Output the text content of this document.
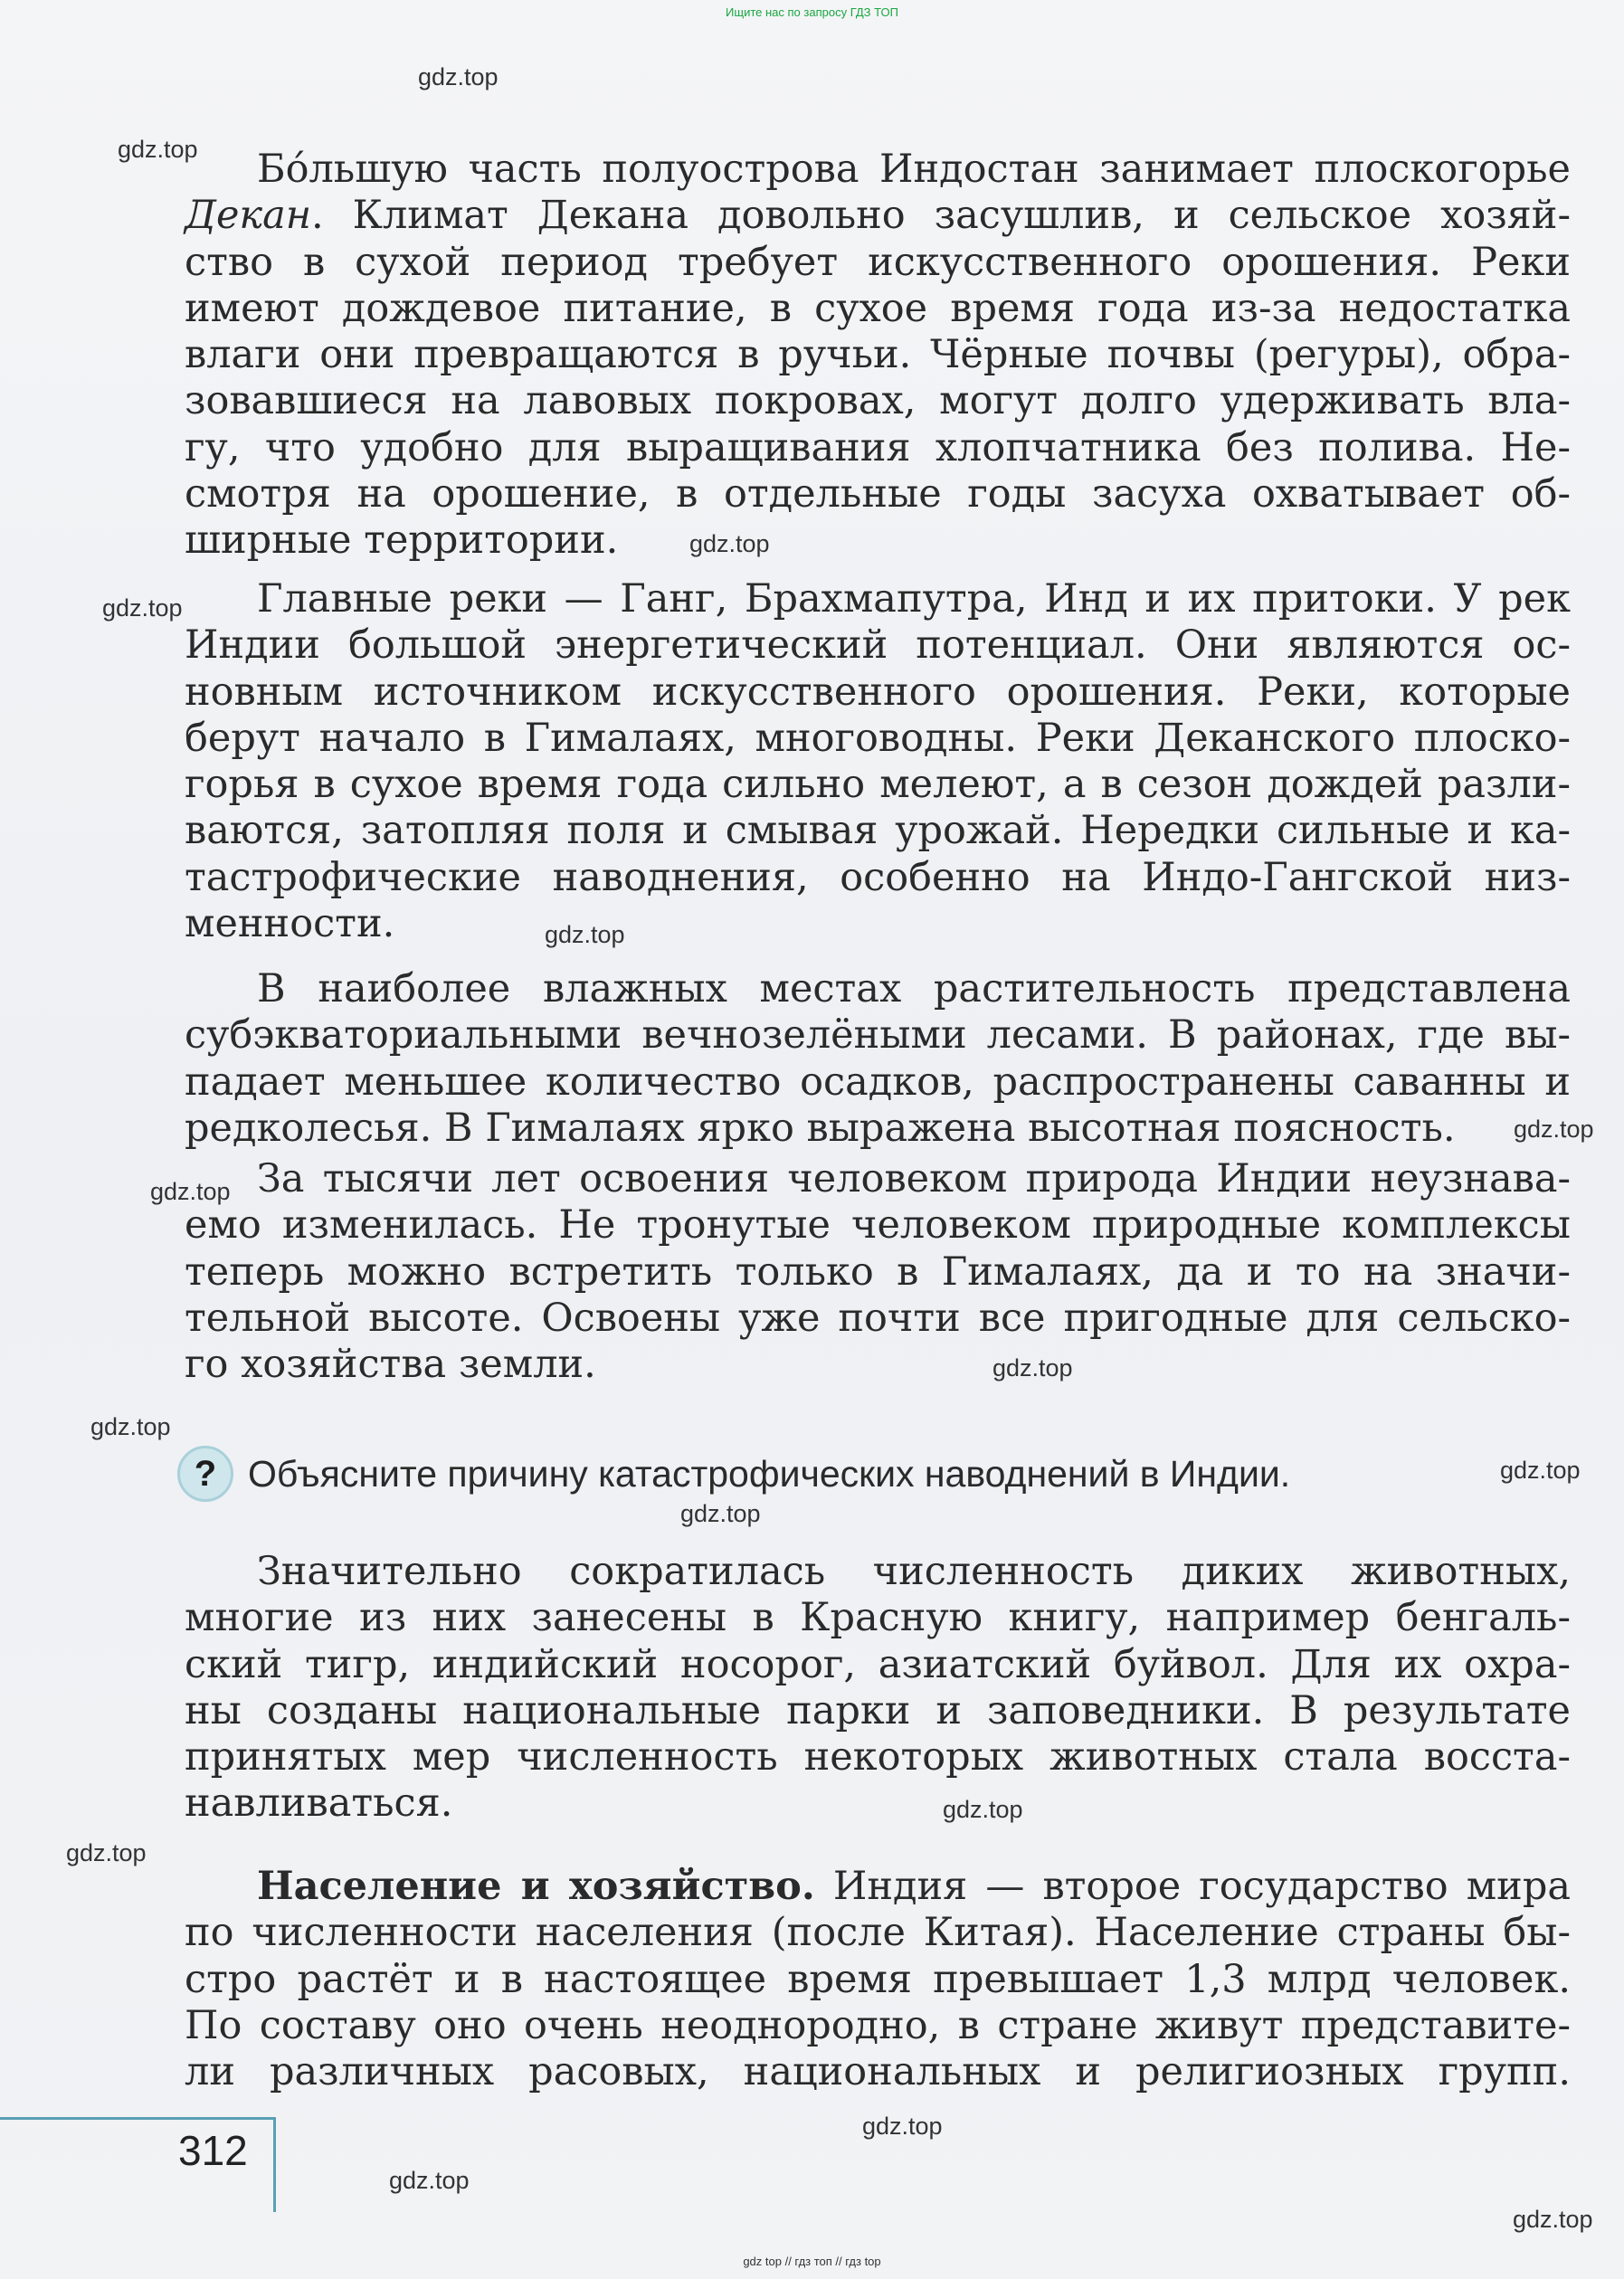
Ищите нас по запросу ГДЗ ТОП
gdz.top
gdz.top
gdz.top
gdz.top
gdz.top
gdz.top
gdz.top
gdz.top
gdz.top
gdz.top
gdz.top
gdz.top
gdz.top
gdz.top
gdz.top
gdz.top
Бо́льшую часть полуострова Индостан занимает плоскогорье
Декан. Климат Декана довольно засушлив, и сельское хозяй-
ство в сухой период требует искусственного орошения. Реки
имеют дождевое питание, в сухое время года из-за недостатка
влаги они превращаются в ручьи. Чёрные почвы (регуры), обра-
зовавшиеся на лавовых покровах, могут долго удерживать вла-
гу, что удобно для выращивания хлопчатника без полива. Не-
смотря на орошение, в отдельные годы засуха охватывает об-
ширные территории.
Главные реки — Ганг, Брахмапутра, Инд и их притоки. У рек
Индии большой энергетический потенциал. Они являются ос-
новным источником искусственного орошения. Реки, которые
берут начало в Гималаях, многоводны. Реки Деканского плоско-
горья в сухое время года сильно мелеют, а в сезон дождей разли-
ваются, затопляя поля и смывая урожай. Нередки сильные и ка-
тастрофические наводнения, особенно на Индо-Гангской низ-
менности.
В наиболее влажных местах растительность представлена
субэкваториальными вечнозелёными лесами. В районах, где вы-
падает меньшее количество осадков, распространены саванны и
редколесья. В Гималаях ярко выражена высотная поясность.
За тысячи лет освоения человеком природа Индии неузнава-
емо изменилась. Не тронутые человеком природные комплексы
теперь можно встретить только в Гималаях, да и то на значи-
тельной высоте. Освоены уже почти все пригодные для сельско-
го хозяйства земли.
? Объясните причину катастрофических наводнений в Индии.
Значительно сократилась численность диких животных,
многие из них занесены в Красную книгу, например бенгаль-
ский тигр, индийский носорог, азиатский буйвол. Для их охра-
ны созданы национальные парки и заповедники. В результате
принятых мер численность некоторых животных стала восста-
навливаться.
Население и хозяйство. Индия — второе государство мира
по численности населения (после Китая). Население страны бы-
стро растёт и в настоящее время превышает 1,3 млрд человек.
По составу оно очень неоднородно, в стране живут представите-
ли различных расовых, национальных и религиозных групп.
312
gdz top // гдз топ // гдз top
